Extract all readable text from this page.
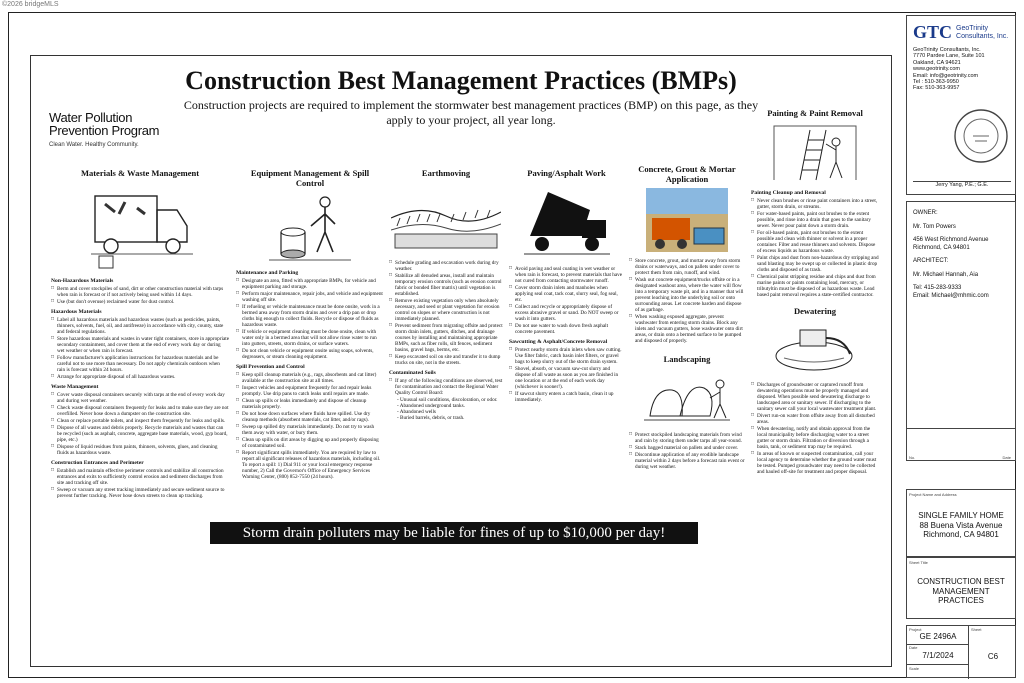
©2026 bridgeMLS
Construction Best Management Practices (BMPs)
Construction projects are required to implement the stormwater best management practices (BMP) on this page, as they apply to your project, all year long.
Water Pollution
Prevention Program
Clean Water. Healthy Community.
Materials & Waste Management
Non-Hazardous Materials
□ Berm and cover stockpiles of sand, dirt or other construction material with tarps when rain is forecast or if not actively being used within 14 days.
□ Use (but don't overuse) reclaimed water for dust control.
Hazardous Materials
□ Label all hazardous materials and hazardous wastes (such as pesticides, paints, thinners, solvents, fuel, oil, and antifreeze) in accordance with city, county, state and federal regulations.
□ Store hazardous materials and wastes in water tight containers, store in appropriate secondary containment, and cover them at the end of every work day or during wet weather or when rain is forecast.
□ Follow manufacturer's application instructions for hazardous materials and be careful not to use more than necessary. Do not apply chemicals outdoors when rain is forecast within 24 hours.
□ Arrange for appropriate disposal of all hazardous wastes.
Waste Management
□ Cover waste disposal containers securely with tarps at the end of every work day and during wet weather.
□ Check waste disposal containers frequently for leaks and to make sure they are not overfilled. Never hose down a dumpster on the construction site.
□ Clean or replace portable toilets, and inspect them frequently for leaks and spills.
□ Dispose of all wastes and debris properly. Recycle materials and wastes that can be recycled (such as asphalt, concrete, aggregate base materials, wood, gyp board, pipe, etc.)
□ Dispose of liquid residues from paints, thinners, solvents, glues, and cleaning fluids as hazardous waste.
Construction Entrances and Perimeter
□ Establish and maintain effective perimeter controls and stabilize all construction entrances and exits to sufficiently control erosion and sediment discharges from site and tracking off site.
□ Sweep or vacuum any street tracking immediately and secure sediment source to prevent further tracking. Never hose down streets to clean up tracking.
Equipment Management & Spill Control
Maintenance and Parking
□ Designate an area, fitted with appropriate BMPs, for vehicle and equipment parking and storage.
□ Perform major maintenance, repair jobs, and vehicle and equipment washing off site.
□ If refueling or vehicle maintenance must be done onsite, work in a bermed area away from storm drains and over a drip pan or drop cloths big enough to collect fluids. Recycle or dispose of fluids as hazardous waste.
□ If vehicle or equipment cleaning must be done onsite, clean with water only in a bermed area that will not allow rinse water to run into gutters, streets, storm drains, or surface waters.
□ Do not clean vehicle or equipment onsite using soaps, solvents, degreasers, or steam cleaning equipment.
Spill Prevention and Control
□ Keep spill cleanup materials (e.g., rags, absorbents and cat litter) available at the construction site at all times.
□ Inspect vehicles and equipment frequently for and repair leaks promptly. Use drip pans to catch leaks until repairs are made.
□ Clean up spills or leaks immediately and dispose of cleanup materials properly.
□ Do not hose down surfaces where fluids have spilled. Use dry cleanup methods (absorbent materials, cat litter, and/or rags).
□ Sweep up spilled dry materials immediately. Do not try to wash them away with water, or bury them.
□ Clean up spills on dirt areas by digging up and properly disposing of contaminated soil.
□ Report significant spills immediately. You are required by law to report all significant releases of hazardous materials, including oil. To report a spill: 1) Dial 911 or your local emergency response number, 2) Call the Governor's Office of Emergency Services Warning Center, (800) 852-7550 (24 hours).
Earthmoving
□ Schedule grading and excavation work during dry weather.
□ Stabilize all denuded areas, install and maintain temporary erosion controls (such as erosion control fabric or bonded fiber matrix) until vegetation is established.
□ Remove existing vegetation only when absolutely necessary, and seed or plant vegetation for erosion control on slopes or where construction is not immediately planned.
□ Prevent sediment from migrating offsite and protect storm drain inlets, gutters, ditches, and drainage courses by installing and maintaining appropriate BMPs, such as fiber rolls, silt fences, sediment basins, gravel bags, berms, etc.
□ Keep excavated soil on site and transfer it to dump trucks on site, not in the streets.
Contaminated Soils
□ If any of the following conditions are observed, test for contamination and contact the Regional Water Quality Control Board:
- Unusual soil conditions, discoloration, or odor.
- Abandoned underground tanks.
- Abandoned wells
- Buried barrels, debris, or trash.
Paving/Asphalt Work
□ Avoid paving and seal coating in wet weather or when rain is forecast, to prevent materials that have not cured from contacting stormwater runoff.
□ Cover storm drain inlets and manholes when applying seal coat, tack coat, slurry seal, fog seal, etc.
□ Collect and recycle or appropriately dispose of excess abrasive gravel or sand. Do NOT sweep or wash it into gutters.
□ Do not use water to wash down fresh asphalt concrete pavement.
Sawcutting & Asphalt/Concrete Removal
□ Protect nearby storm drain inlets when saw cutting. Use filter fabric, catch basin inlet filters, or gravel bags to keep slurry out of the storm drain system.
□ Shovel, absorb, or vacuum saw-cut slurry and dispose of all waste as soon as you are finished in one location or at the end of each work day (whichever is sooner!).
□ If sawcut slurry enters a catch basin, clean it up immediately.
Concrete, Grout & Mortar Application
□ Store concrete, grout, and mortar away from storm drains or waterways, and on pallets under cover to protect them from rain, runoff, and wind.
□ Wash out concrete equipment/trucks offsite or in a designated washout area, where the water will flow into a temporary waste pit, and in a manner that will prevent leaching into the underlying soil or onto surrounding areas. Let concrete harden and dispose of as garbage.
□ When washing exposed aggregate, prevent washwater from entering storm drains. Block any inlets and vacuum gutters, hose washwater onto dirt areas, or drain onto a bermed surface to be pumped and disposed of properly.
Landscaping
□ Protect stockpiled landscaping materials from wind and rain by storing them under tarps all year-round.
□ Stack bagged material on pallets and under cover.
□ Discontinue application of any erodible landscape material within 2 days before a forecast rain event or during wet weather.
Painting & Paint Removal
Painting Cleanup and Removal
□ Never clean brushes or rinse paint containers into a street, gutter, storm drain, or streams.
□ For water-based paints, paint out brushes to the extent possible, and rinse into a drain that goes to the sanitary sewer. Never pour paint down a storm drain.
□ For oil-based paints, paint out brushes to the extent possible and clean with thinner or solvent in a proper container. Filter and reuse thinners and solvents. Dispose of excess liquids as hazardous waste.
□ Paint chips and dust from non-hazardous dry stripping and sand blasting may be swept up or collected in plastic drop cloths and disposed of as trash.
□ Chemical paint stripping residue and chips and dust from marine paints or paints containing lead, mercury, or tributyltin must be disposed of as hazardous waste. Lead based paint removal requires a state-certified contractor.
Dewatering
□ Discharges of groundwater or captured runoff from dewatering operations must be properly managed and disposed. When possible send dewatering discharge to landscaped area or sanitary sewer. If discharging to the sanitary sewer call your local wastewater treatment plant.
□ Divert run-on water from offsite away from all disturbed areas.
□ When dewatering, notify and obtain approval from the local municipality before discharging water to a street gutter or storm drain. Filtration or diversion through a basin, tank, or sediment trap may be required.
□ In areas of known or suspected contamination, call your local agency to determine whether the ground water must be tested. Pumped groundwater may need to be collected and hauled off-site for treatment and proper disposal.
Storm drain polluters may be liable for fines of up to $10,000 per day!
GTC GeoTrinity
Consultants, Inc.
GeoTrinity Consultants, Inc.
7770 Pardee Lane, Suite 101
Oakland, CA 94621
www.geotrinity.com
Email: info@geotrinity.com
Tel : 510-363-9950
Fax: 510-363-9957
Jerry Yang, P.E.; G.E.
OWNER:
Mr. Tom Powers
456 West Richmond Avenue
Richmond, CA 94801
ARCHITECT:
Mr. Michael Hannah, Aia
Tel: 415-283-9333
Email: Michael@mhmic.com
No.	Date
Project Name and Address
SINGLE FAMILY HOME
88 Buena Vista Avenue
Richmond, CA 94801
Sheet Title
CONSTRUCTION BEST
MANAGEMENT
PRACTICES
Project
GE 2496A
Date
7/1/2024
Scale
Sheet
C6
